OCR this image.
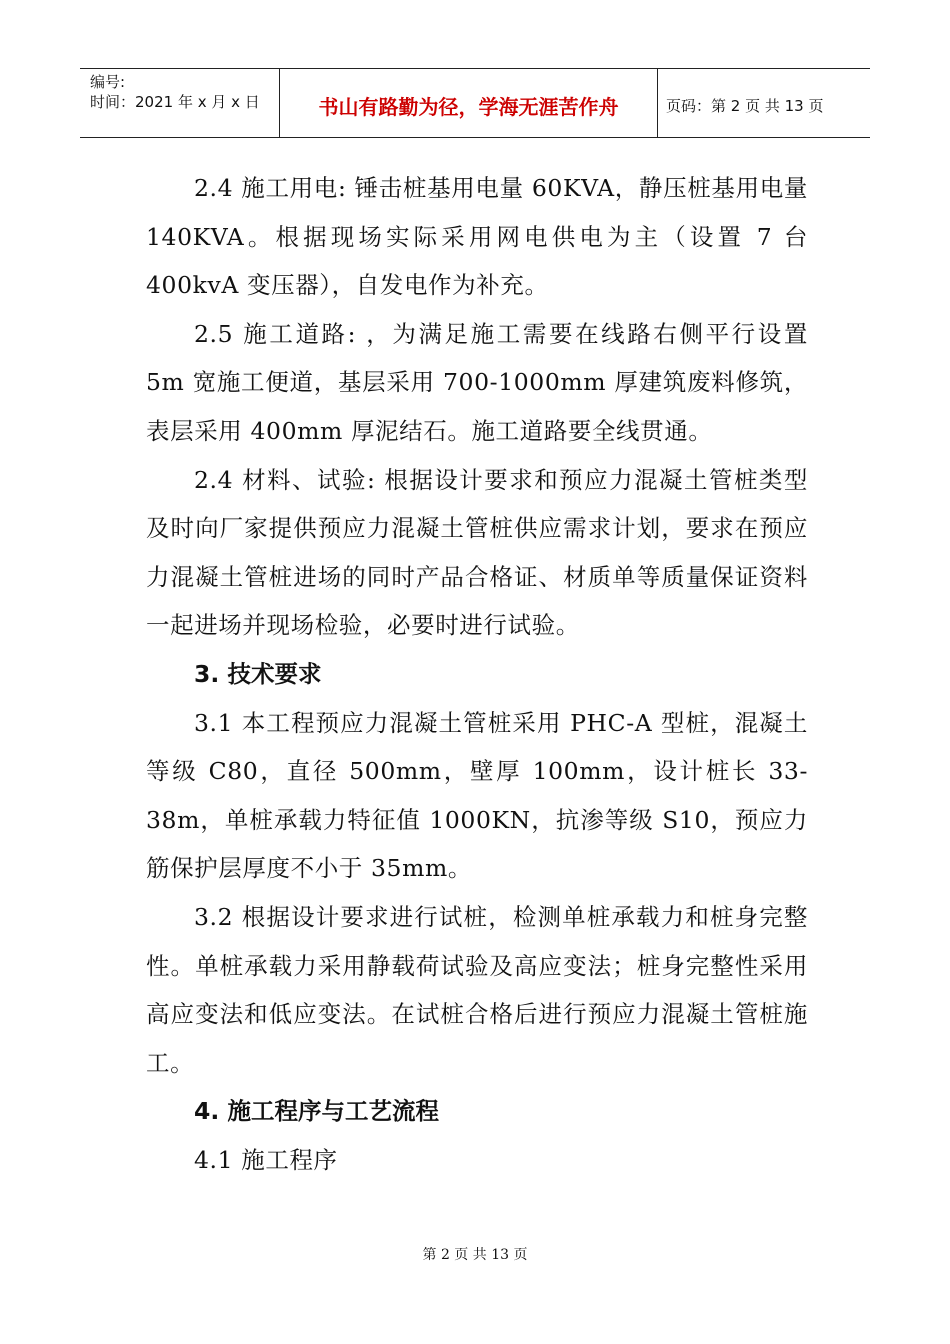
编号:
时间：2021 年 x 月 x 日	书山有路勤为径，学海无涯苦作舟	页码：第 2 页 共 13 页

2.4 施工用电: 锤击桩基用电量 60KVA，静压桩基用电量 140KVA。根据现场实际采用网电供电为主（设置 7 台 400kvA 变压器），自发电作为补充。

2.5 施工道路: ，为满足施工需要在线路右侧平行设置 5m 宽施工便道，基层采用 700-1000mm 厚建筑废料修筑，表层采用 400mm 厚泥结石。施工道路要全线贯通。

2.4 材料、试验: 根据设计要求和预应力混凝土管桩类型及时向厂家提供预应力混凝土管桩供应需求计划，要求在预应力混凝土管桩进场的同时产品合格证、材质单等质量保证资料一起进场并现场检验，必要时进行试验。

3. 技术要求

3.1 本工程预应力混凝土管桩采用 PHC-A 型桩，混凝土等级 C80，直径 500mm，壁厚 100mm，设计桩长 33-38m，单桩承载力特征值 1000KN，抗渗等级 S10，预应力筋保护层厚度不小于 35mm。

3.2 根据设计要求进行试桩，检测单桩承载力和桩身完整性。单桩承载力采用静载荷试验及高应变法；桩身完整性采用高应变法和低应变法。在试桩合格后进行预应力混凝土管桩施工。

4. 施工程序与工艺流程

4.1 施工程序

第 2 页 共 13 页
